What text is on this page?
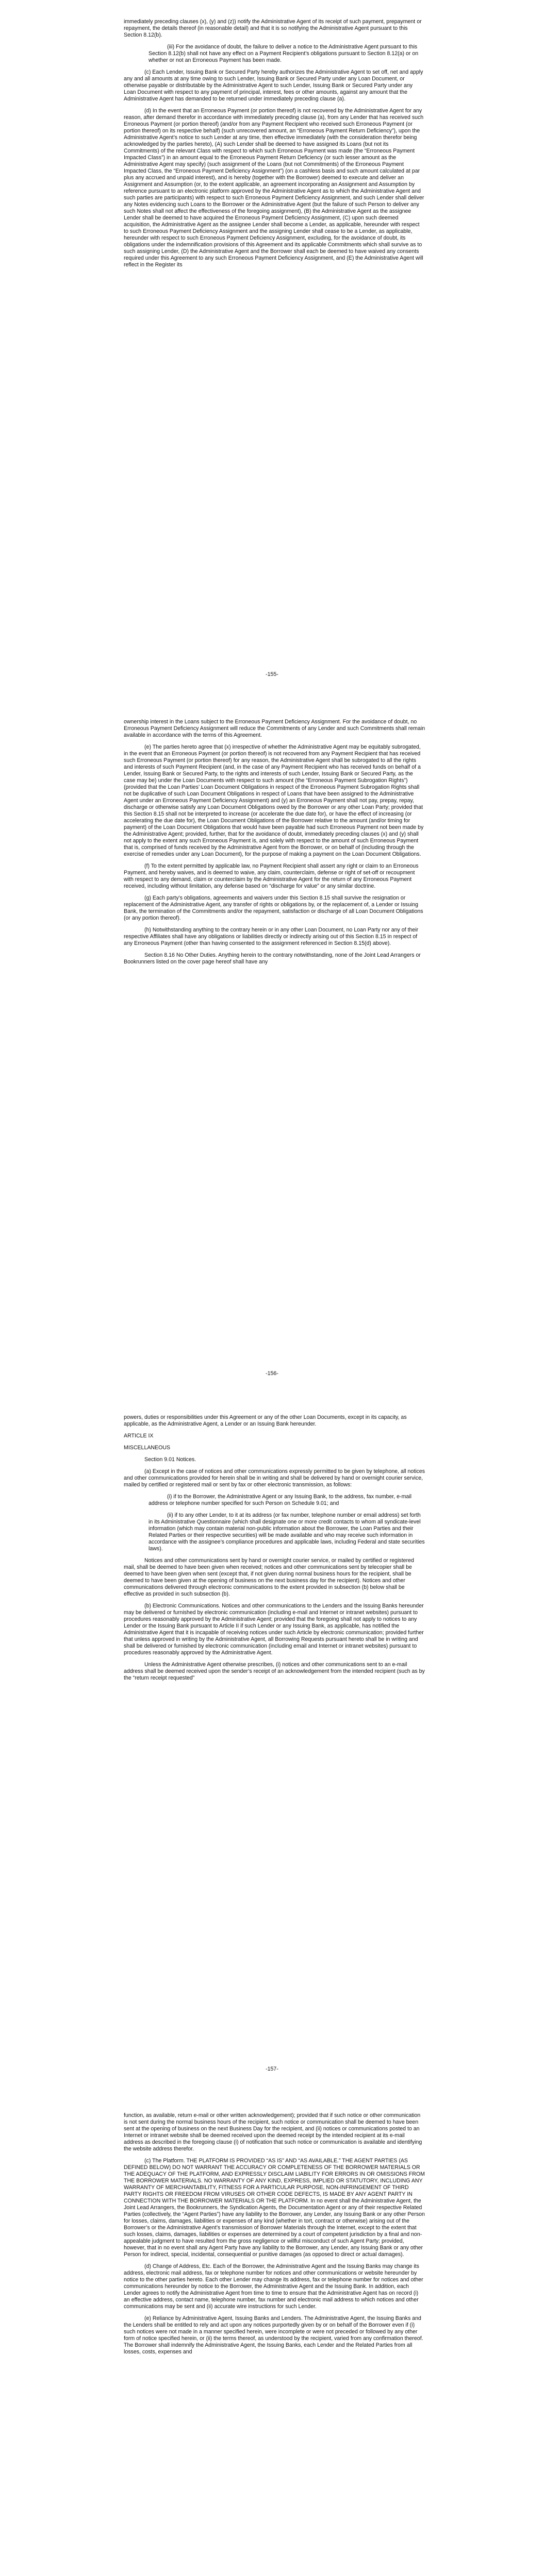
immediately preceding clauses (x), (y) and (z)) notify the Administrative Agent of its receipt of such payment, prepayment or repayment, the details thereof (in reasonable detail) and that it is so notifying the Administrative Agent pursuant to this Section 8.12(b).

(iii) For the avoidance of doubt, the failure to deliver a notice to the Administrative Agent pursuant to this Section 8.12(b) shall not have any effect on a Payment Recipient’s obligations pursuant to Section 8.12(a) or on whether or not an Erroneous Payment has been made.

(c) Each Lender, Issuing Bank or Secured Party hereby authorizes the Administrative Agent to set off, net and apply any and all amounts at any time owing to such Lender, Issuing Bank or Secured Party under any Loan Document, or otherwise payable or distributable by the Administrative Agent to such Lender, Issuing Bank or Secured Party under any Loan Document with respect to any payment of principal, interest, fees or other amounts, against any amount that the Administrative Agent has demanded to be returned under immediately preceding clause (a).

(d) In the event that an Erroneous Payment (or portion thereof) is not recovered by the Administrative Agent for any reason, after demand therefor in accordance with immediately preceding clause (a), from any Lender that has received such Erroneous Payment (or portion thereof) (and/or from any Payment Recipient who received such Erroneous Payment (or portion thereof) on its respective behalf) (such unrecovered amount, an “Erroneous Payment Return Deficiency”), upon the Administrative Agent’s notice to such Lender at any time, then effective immediately (with the consideration therefor being acknowledged by the parties hereto), (A) such Lender shall be deemed to have assigned its Loans (but not its Commitments) of the relevant Class with respect to which such Erroneous Payment was made (the “Erroneous Payment Impacted Class”) in an amount equal to the Erroneous Payment Return Deficiency (or such lesser amount as the Administrative Agent may specify) (such assignment of the Loans (but not Commitments) of the Erroneous Payment Impacted Class, the “Erroneous Payment Deficiency Assignment”) (on a cashless basis and such amount calculated at par plus any accrued and unpaid interest), and is hereby (together with the Borrower) deemed to execute and deliver an Assignment and Assumption (or, to the extent applicable, an agreement incorporating an Assignment and Assumption by reference pursuant to an electronic platform approved by the Administrative Agent as to which the Administrative Agent and such parties are participants) with respect to such Erroneous Payment Deficiency Assignment, and such Lender shall deliver any Notes evidencing such Loans to the Borrower or the Administrative Agent (but the failure of such Person to deliver any such Notes shall not affect the effectiveness of the foregoing assignment), (B) the Administrative Agent as the assignee Lender shall be deemed to have acquired the Erroneous Payment Deficiency Assignment, (C) upon such deemed acquisition, the Administrative Agent as the assignee Lender shall become a Lender, as applicable, hereunder with respect to such Erroneous Payment Deficiency Assignment and the assigning Lender shall cease to be a Lender, as applicable, hereunder with respect to such Erroneous Payment Deficiency Assignment, excluding, for the avoidance of doubt, its obligations under the indemnification provisions of this Agreement and its applicable Commitments which shall survive as to such assigning Lender, (D) the Administrative Agent and the Borrower shall each be deemed to have waived any consents required under this Agreement to any such Erroneous Payment Deficiency Assignment, and (E) the Administrative Agent will reflect in the Register its

-155-

ownership interest in the Loans subject to the Erroneous Payment Deficiency Assignment. For the avoidance of doubt, no Erroneous Payment Deficiency Assignment will reduce the Commitments of any Lender and such Commitments shall remain available in accordance with the terms of this Agreement.

(e) The parties hereto agree that (x) irrespective of whether the Administrative Agent may be equitably subrogated, in the event that an Erroneous Payment (or portion thereof) is not recovered from any Payment Recipient that has received such Erroneous Payment (or portion thereof) for any reason, the Administrative Agent shall be subrogated to all the rights and interests of such Payment Recipient (and, in the case of any Payment Recipient who has received funds on behalf of a Lender, Issuing Bank or Secured Party, to the rights and interests of such Lender, Issuing Bank or Secured Party, as the case may be) under the Loan Documents with respect to such amount (the “Erroneous Payment Subrogation Rights”) (provided that the Loan Parties’ Loan Document Obligations in respect of the Erroneous Payment Subrogation Rights shall not be duplicative of such Loan Document Obligations in respect of Loans that have been assigned to the Administrative Agent under an Erroneous Payment Deficiency Assignment) and (y) an Erroneous Payment shall not pay, prepay, repay, discharge or otherwise satisfy any Loan Document Obligations owed by the Borrower or any other Loan Party; provided that this Section 8.15 shall not be interpreted to increase (or accelerate the due date for), or have the effect of increasing (or accelerating the due date for), the Loan Document Obligations of the Borrower relative to the amount (and/or timing for payment) of the Loan Document Obligations that would have been payable had such Erroneous Payment not been made by the Administrative Agent; provided, further, that for the avoidance of doubt, immediately preceding clauses (x) and (y) shall not apply to the extent any such Erroneous Payment is, and solely with respect to the amount of such Erroneous Payment that is, comprised of funds received by the Administrative Agent from the Borrower, or on behalf of (including through the exercise of remedies under any Loan Document), for the purpose of making a payment on the Loan Document Obligations.

(f) To the extent permitted by applicable law, no Payment Recipient shall assert any right or claim to an Erroneous Payment, and hereby waives, and is deemed to waive, any claim, counterclaim, defense or right of set-off or recoupment with respect to any demand, claim or counterclaim by the Administrative Agent for the return of any Erroneous Payment received, including without limitation, any defense based on “discharge for value” or any similar doctrine.

(g) Each party’s obligations, agreements and waivers under this Section 8.15 shall survive the resignation or replacement of the Administrative Agent, any transfer of rights or obligations by, or the replacement of, a Lender or Issuing Bank, the termination of the Commitments and/or the repayment, satisfaction or discharge of all Loan Document Obligations (or any portion thereof).

(h) Notwithstanding anything to the contrary herein or in any other Loan Document, no Loan Party nor any of their respective Affiliates shall have any obligations or liabilities directly or indirectly arising out of this Section 8.15 in respect of any Erroneous Payment (other than having consented to the assignment referenced in Section 8.15(d) above).

Section 8.16 No Other Duties. Anything herein to the contrary notwithstanding, none of the Joint Lead Arrangers or Bookrunners listed on the cover page hereof shall have any

-156-

powers, duties or responsibilities under this Agreement or any of the other Loan Documents, except in its capacity, as applicable, as the Administrative Agent, a Lender or an Issuing Bank hereunder.

ARTICLE IX

MISCELLANEOUS

Section 9.01 Notices.

(a) Except in the case of notices and other communications expressly permitted to be given by telephone, all notices and other communications provided for herein shall be in writing and shall be delivered by hand or overnight courier service, mailed by certified or registered mail or sent by fax or other electronic transmission, as follows:

(i) if to the Borrower, the Administrative Agent or any Issuing Bank, to the address, fax number, e-mail address or telephone number specified for such Person on Schedule 9.01; and

(ii) if to any other Lender, to it at its address (or fax number, telephone number or email address) set forth in its Administrative Questionnaire (which shall designate one or more credit contacts to whom all syndicate-level information (which may contain material non-public information about the Borrower, the Loan Parties and their Related Parties or their respective securities) will be made available and who may receive such information in accordance with the assignee’s compliance procedures and applicable laws, including Federal and state securities laws).

Notices and other communications sent by hand or overnight courier service, or mailed by certified or registered mail, shall be deemed to have been given when received; notices and other communications sent by telecopier shall be deemed to have been given when sent (except that, if not given during normal business hours for the recipient, shall be deemed to have been given at the opening of business on the next business day for the recipient). Notices and other communications delivered through electronic communications to the extent provided in subsection (b) below shall be effective as provided in such subsection (b).

(b) Electronic Communications. Notices and other communications to the Lenders and the Issuing Banks hereunder may be delivered or furnished by electronic communication (including e-mail and Internet or intranet websites) pursuant to procedures reasonably approved by the Administrative Agent; provided that the foregoing shall not apply to notices to any Lender or the Issuing Bank pursuant to Article II if such Lender or any Issuing Bank, as applicable, has notified the Administrative Agent that it is incapable of receiving notices under such Article by electronic communication; provided further that unless approved in writing by the Administrative Agent, all Borrowing Requests pursuant hereto shall be in writing and shall be delivered or furnished by electronic communication (including email and Internet or intranet websites) pursuant to procedures reasonably approved by the Administrative Agent.

Unless the Administrative Agent otherwise prescribes, (i) notices and other communications sent to an e-mail address shall be deemed received upon the sender’s receipt of an acknowledgement from the intended recipient (such as by the “return receipt requested”

-157-

function, as available, return e-mail or other written acknowledgement); provided that if such notice or other communication is not sent during the normal business hours of the recipient, such notice or communication shall be deemed to have been sent at the opening of business on the next Business Day for the recipient, and (ii) notices or communications posted to an Internet or intranet website shall be deemed received upon the deemed receipt by the intended recipient at its e-mail address as described in the foregoing clause (i) of notification that such notice or communication is available and identifying the website address therefor.

(c) The Platform. THE PLATFORM IS PROVIDED “AS IS” AND “AS AVAILABLE.” THE AGENT PARTIES (AS DEFINED BELOW) DO NOT WARRANT THE ACCURACY OR COMPLETENESS OF THE BORROWER MATERIALS OR THE ADEQUACY OF THE PLATFORM, AND EXPRESSLY DISCLAIM LIABILITY FOR ERRORS IN OR OMISSIONS FROM THE BORROWER MATERIALS. NO WARRANTY OF ANY KIND, EXPRESS, IMPLIED OR STATUTORY, INCLUDING ANY WARRANTY OF MERCHANTABILITY, FITNESS FOR A PARTICULAR PURPOSE, NON-INFRINGEMENT OF THIRD PARTY RIGHTS OR FREEDOM FROM VIRUSES OR OTHER CODE DEFECTS, IS MADE BY ANY AGENT PARTY IN CONNECTION WITH THE BORROWER MATERIALS OR THE PLATFORM. In no event shall the Administrative Agent, the Joint Lead Arrangers, the Bookrunners, the Syndication Agents, the Documentation Agent or any of their respective Related Parties (collectively, the “Agent Parties”) have any liability to the Borrower, any Lender, any Issuing Bank or any other Person for losses, claims, damages, liabilities or expenses of any kind (whether in tort, contract or otherwise) arising out of the Borrower’s or the Administrative Agent’s transmission of Borrower Materials through the Internet, except to the extent that such losses, claims, damages, liabilities or expenses are determined by a court of competent jurisdiction by a final and non-appealable judgment to have resulted from the gross negligence or willful misconduct of such Agent Party; provided, however, that in no event shall any Agent Party have any liability to the Borrower, any Lender, any Issuing Bank or any other Person for indirect, special, incidental, consequential or punitive damages (as opposed to direct or actual damages).

(d) Change of Address, Etc. Each of the Borrower, the Administrative Agent and the Issuing Banks may change its address, electronic mail address, fax or telephone number for notices and other communications or website hereunder by notice to the other parties hereto. Each other Lender may change its address, fax or telephone number for notices and other communications hereunder by notice to the Borrower, the Administrative Agent and the Issuing Bank. In addition, each Lender agrees to notify the Administrative Agent from time to time to ensure that the Administrative Agent has on record (i) an effective address, contact name, telephone number, fax number and electronic mail address to which notices and other communications may be sent and (ii) accurate wire instructions for such Lender.

(e) Reliance by Administrative Agent, Issuing Banks and Lenders. The Administrative Agent, the Issuing Banks and the Lenders shall be entitled to rely and act upon any notices purportedly given by or on behalf of the Borrower even if (i) such notices were not made in a manner specified herein, were incomplete or were not preceded or followed by any other form of notice specified herein, or (ii) the terms thereof, as understood by the recipient, varied from any confirmation thereof. The Borrower shall indemnify the Administrative Agent, the Issuing Banks, each Lender and the Related Parties from all losses, costs, expenses and
